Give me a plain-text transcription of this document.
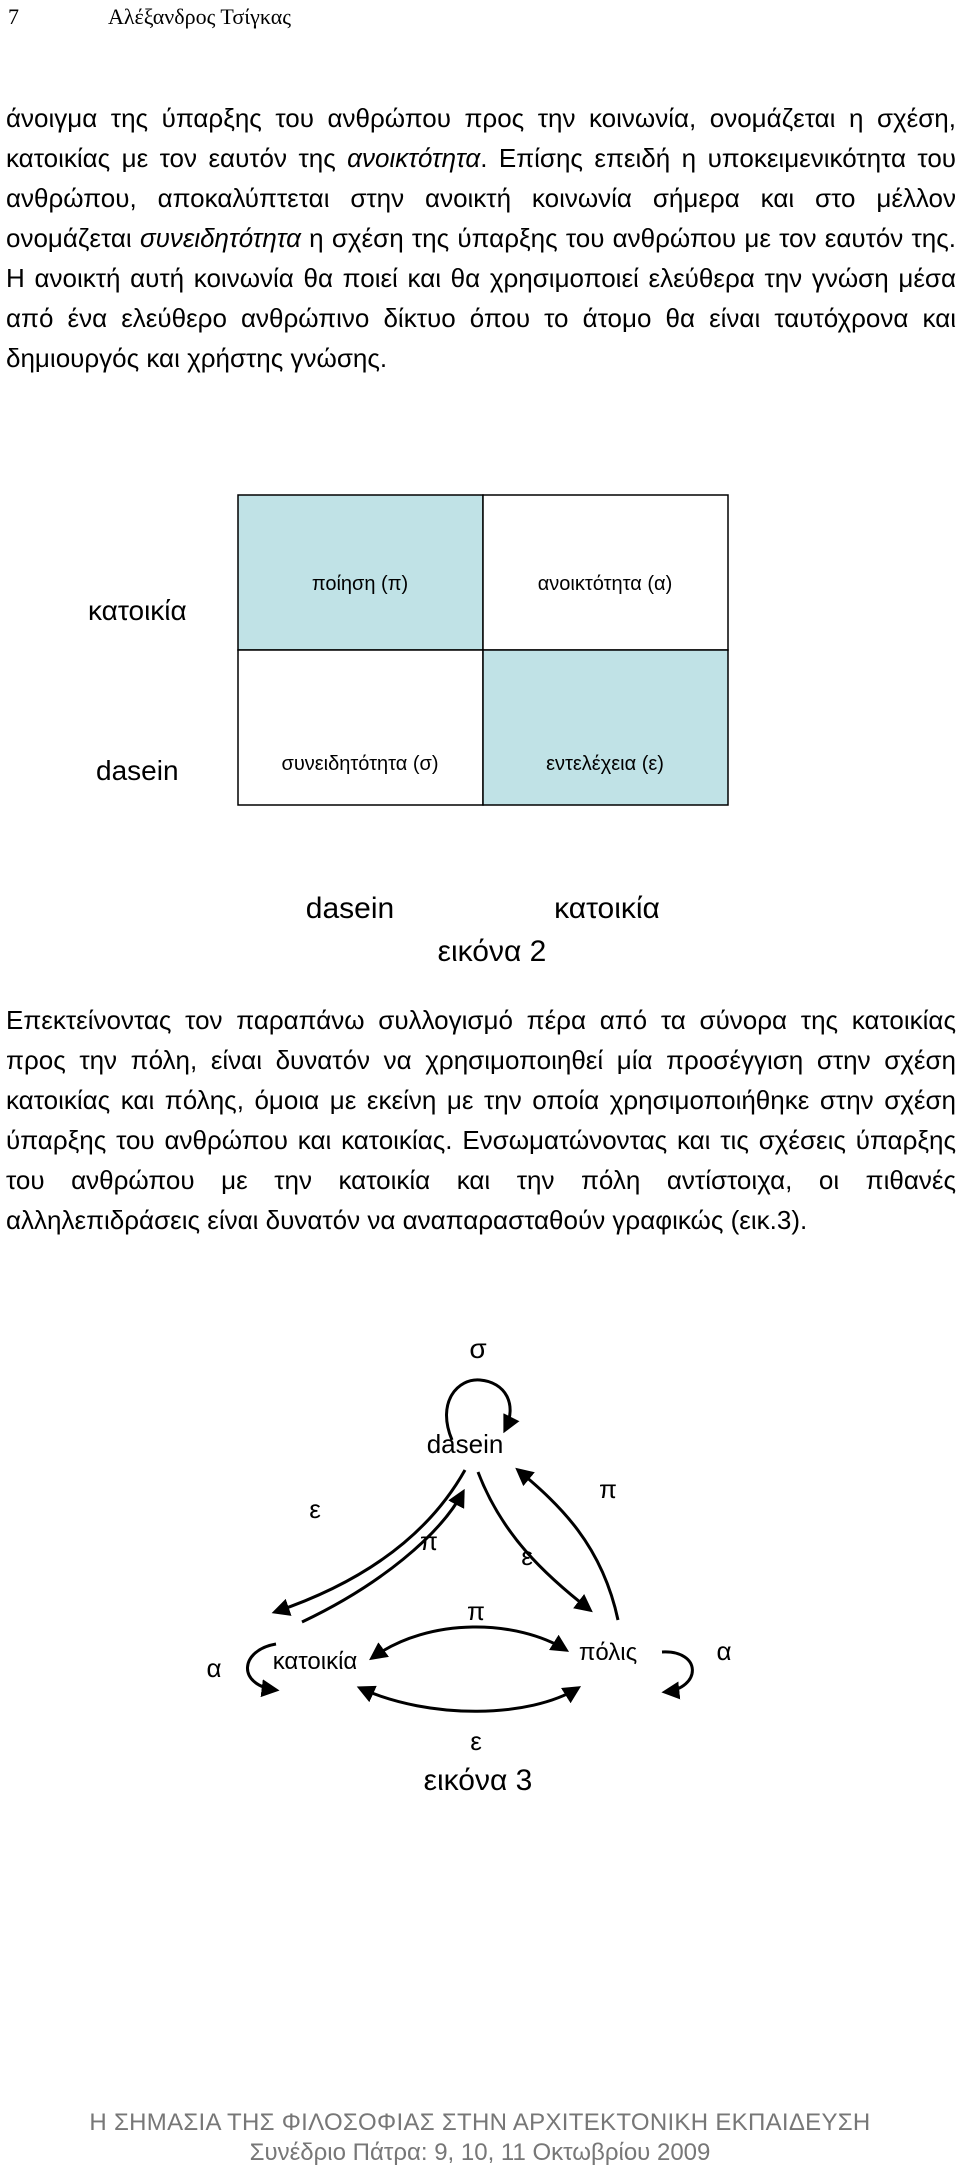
7	Αλέξανδρος Τσίγκας

άνοιγμα της ύπαρξης του ανθρώπου προς την κοινωνία, ονομάζεται η σχέση, κατοικίας με τον εαυτόν της ανοικτότητα. Επίσης επειδή η υποκειμενικότητα του ανθρώπου, αποκαλύπτεται στην ανοικτή κοινωνία σήμερα και στο μέλλον ονομάζεται συνειδητότητα η σχέση της ύπαρξης του ανθρώπου με τον εαυτόν της. Η ανοικτή αυτή κοινωνία θα ποιεί και θα χρησιμοποιεί ελεύθερα την γνώση μέσα από ένα ελεύθερο ανθρώπινο δίκτυο όπου το άτομο θα είναι ταυτόχρονα και δημιουργός και χρήστης γνώσης.

κατοικία
dasein
ποίηση (π)	ανοικτότητα (α)
συνειδητότητα (σ)	εντελέχεια (ε)
dasein	κατοικία
εικόνα 2

Επεκτείνοντας τον παραπάνω συλλογισμό πέρα από τα σύνορα της κατοικίας προς την πόλη, είναι δυνατόν να χρησιμοποιηθεί μία προσέγγιση στην σχέση κατοικίας και πόλης, όμοια με εκείνη με την οποία χρησιμοποιήθηκε στην σχέση ύπαρξης του ανθρώπου και κατοικίας. Ενσωματώνοντας και τις σχέσεις ύπαρξης του ανθρώπου με την κατοικία και την πόλη αντίστοιχα, οι πιθανές αλληλεπιδράσεις είναι δυνατόν να αναπαρασταθούν γραφικώς (εικ.3).

σ
dasein
κατοικία	πόλις
ε
π	ε
π
π
ε
α
α
εικόνα 3
Η ΣΗΜΑΣΙΑ ΤΗΣ ΦΙΛΟΣΟΦΙΑΣ ΣΤΗΝ ΑΡΧΙΤΕΚΤΟΝΙΚΗ ΕΚΠΑΙΔΕΥΣΗ
Συνέδριο Πάτρα: 9, 10, 11 Οκτωβρίου 2009
